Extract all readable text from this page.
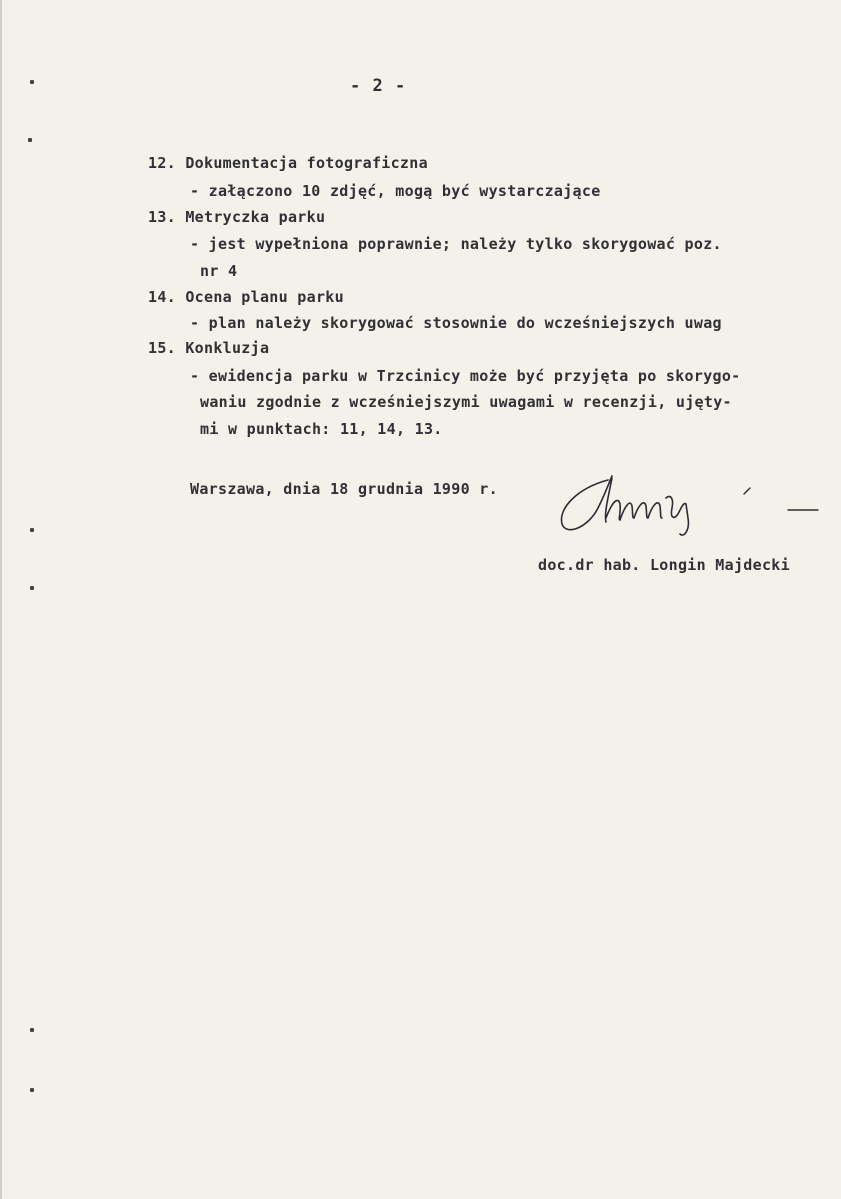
- 2 -
12. Dokumentacja fotograficzna
- załączono 10 zdjęć, mogą być wystarczające
13. Metryczka parku
- jest wypełniona poprawnie; należy tylko skorygować poz.
nr 4
14. Ocena planu parku
- plan należy skorygować stosownie do wcześniejszych uwag
15. Konkluzja
- ewidencja parku w Trzcinicy może być przyjęta po skorygo-
waniu zgodnie z wcześniejszymi uwagami w recenzji, ujęty-
mi w punktach: 11, 14, 13.
Warszawa, dnia 18 grudnia 1990 r.
doc.dr hab. Longin Majdecki
